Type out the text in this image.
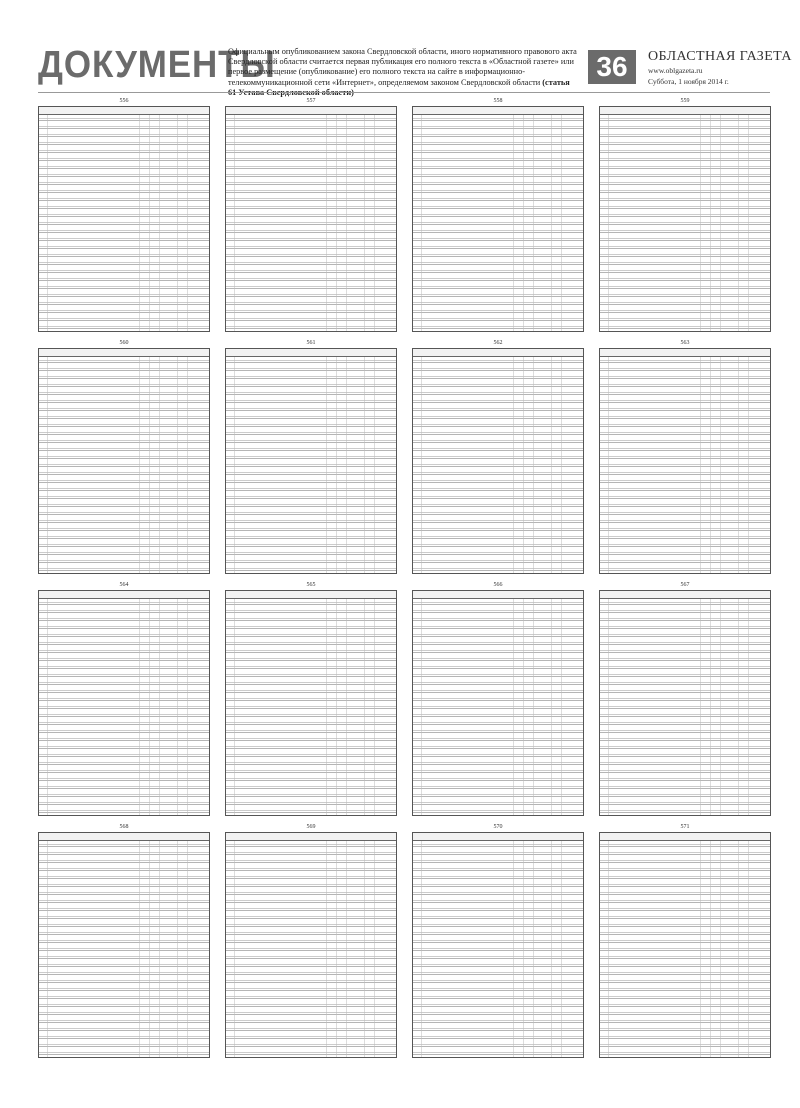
ДОКУМЕНТЫ
Официальным опубликованием закона Свердловской области, иного нормативного правового акта Свердловской области считается первая публикация его полного текста в «Областной газете» или первое размещение (опубликование) его полного текста на сайте в информационно-телекоммуникационной сети «Интернет», определяемом законом Свердловской области (статья
36	ОБЛАСТНАЯ ГАЗЕТА
www.oblgazeta.ru
Суббота, 1 ноября 2014 г.
556	557	558	559
560	561	562	563
564	565	566	567
568	569	570	571
